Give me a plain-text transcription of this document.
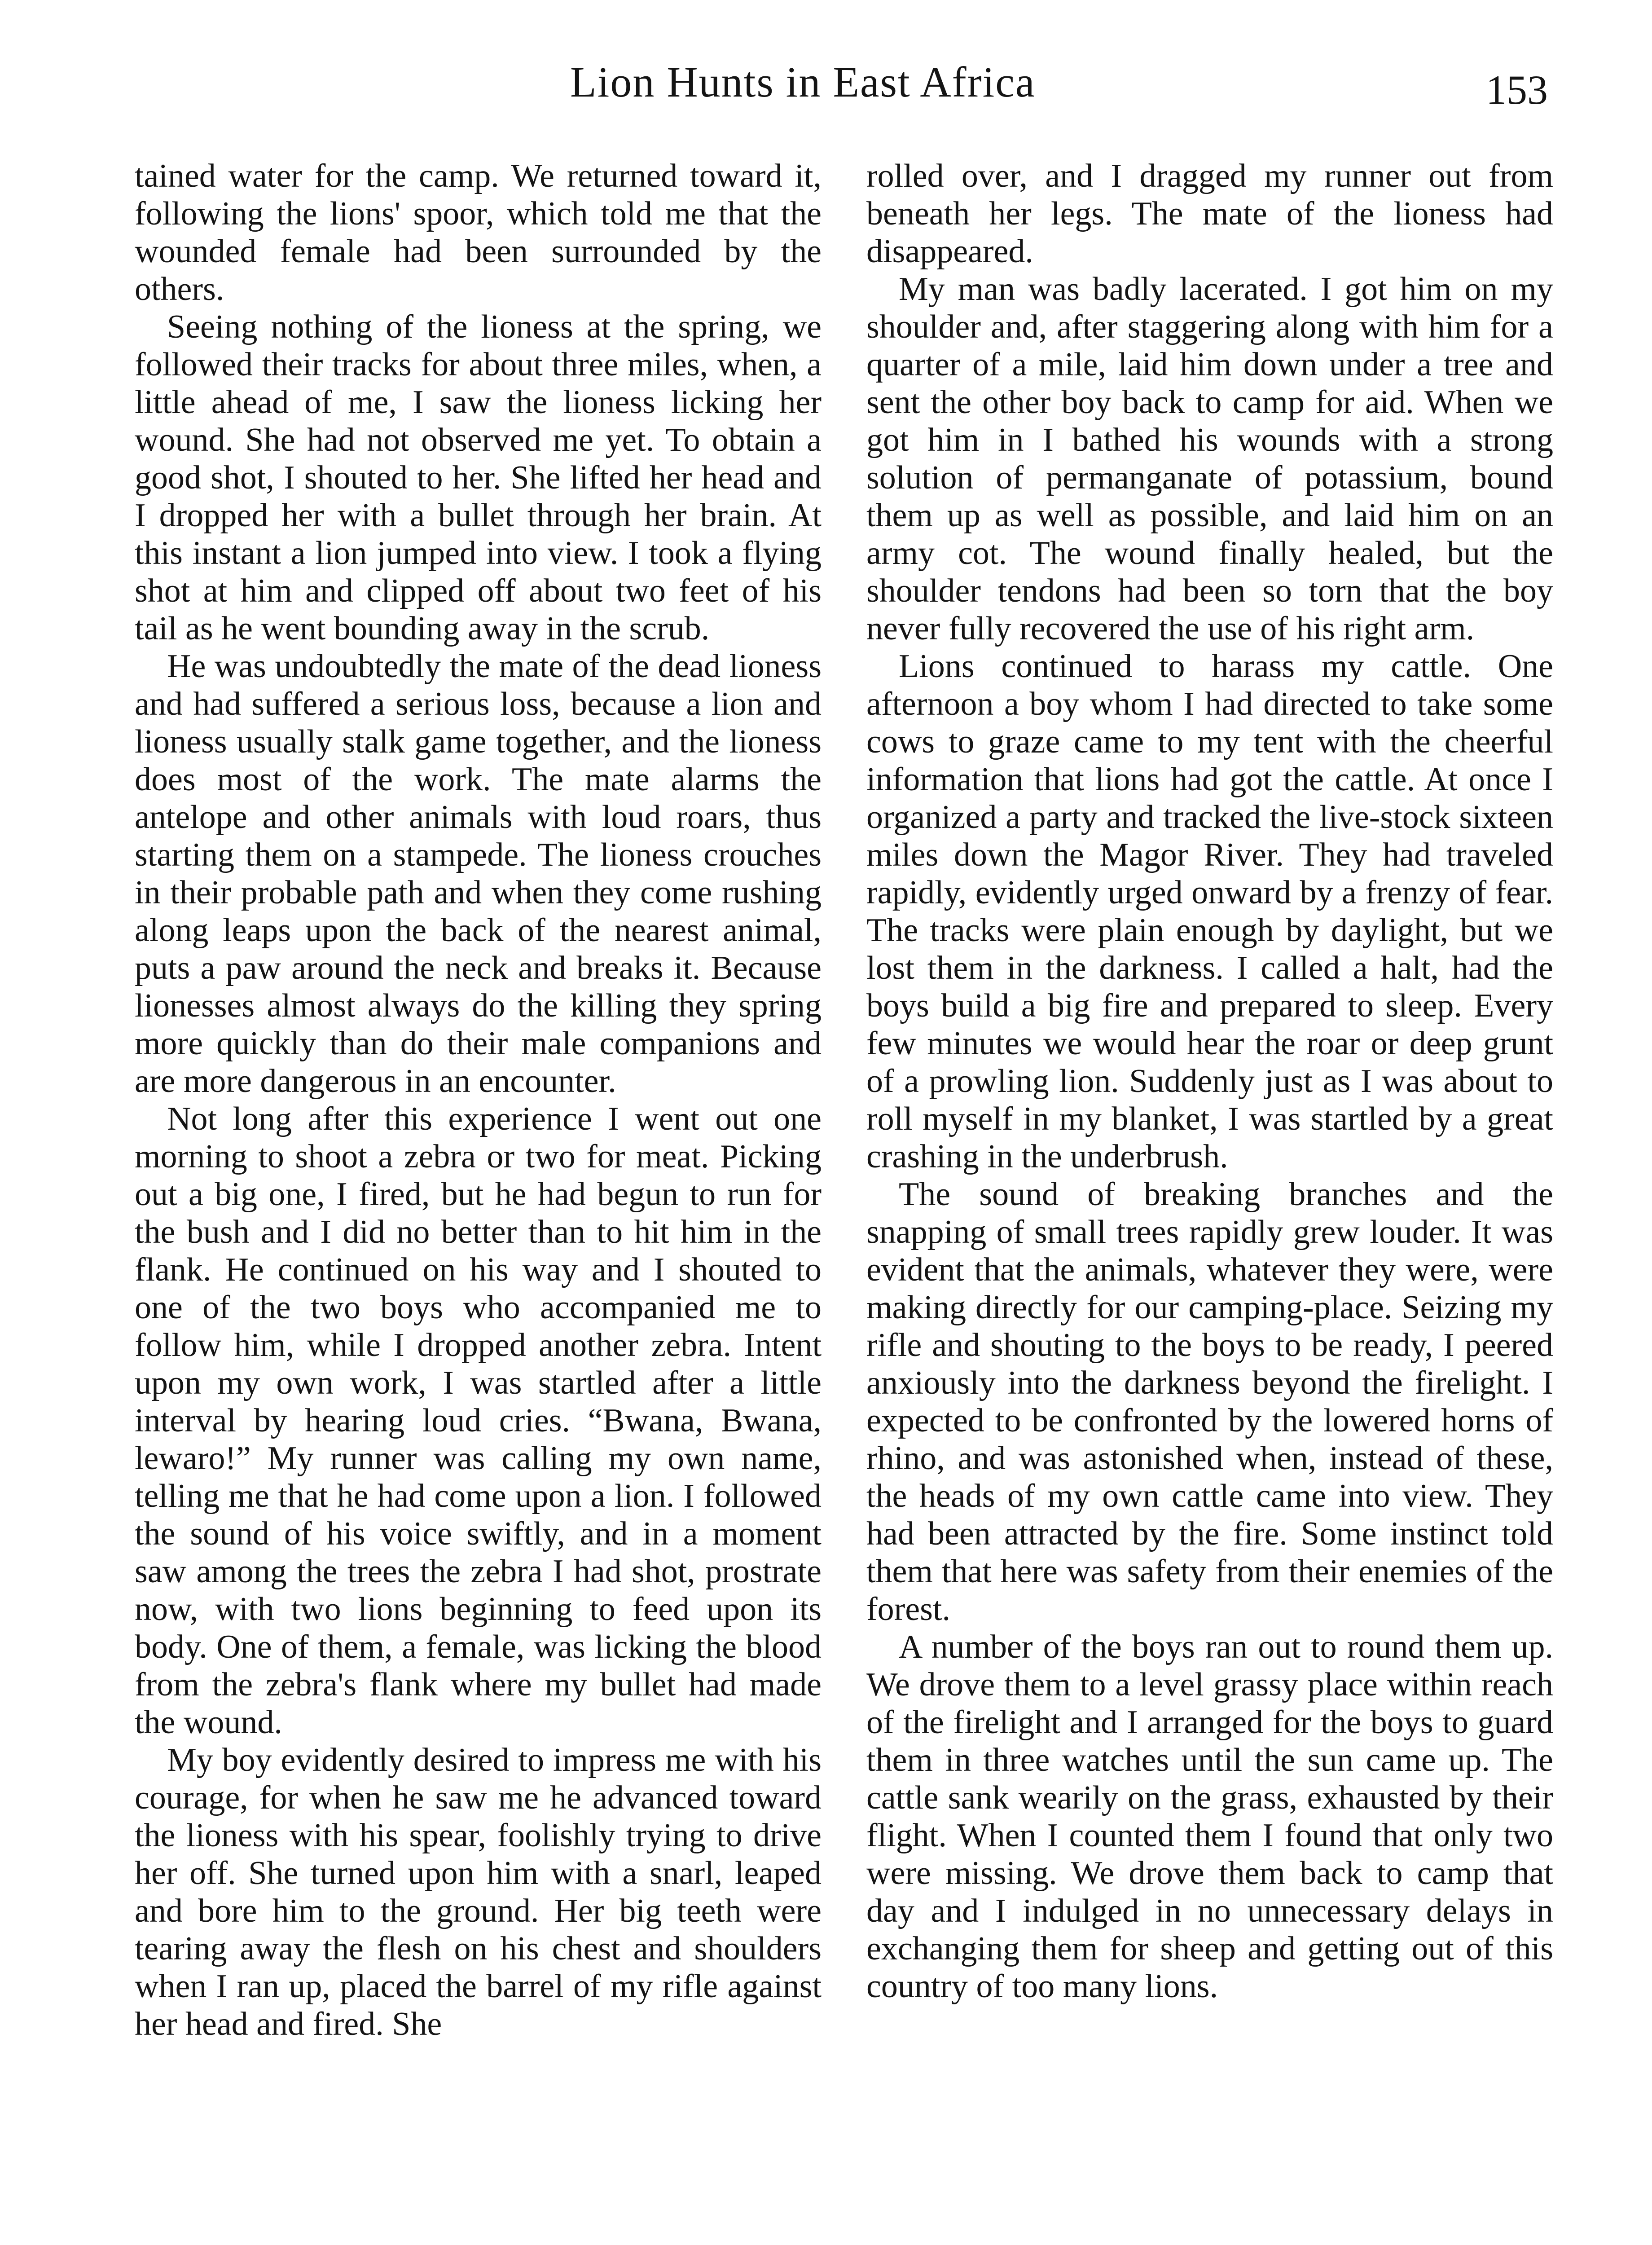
Lion Hunts in East Africa	153

tained water for the camp. We returned toward it, following the lions' spoor, which told me that the wounded female had been surrounded by the others.

Seeing nothing of the lioness at the spring, we followed their tracks for about three miles, when, a little ahead of me, I saw the lioness licking her wound. She had not observed me yet. To obtain a good shot, I shouted to her. She lifted her head and I dropped her with a bullet through her brain. At this instant a lion jumped into view. I took a flying shot at him and clipped off about two feet of his tail as he went bounding away in the scrub.

He was undoubtedly the mate of the dead lioness and had suffered a serious loss, because a lion and lioness usually stalk game together, and the lioness does most of the work. The mate alarms the antelope and other animals with loud roars, thus starting them on a stampede. The lioness crouches in their probable path and when they come rushing along leaps upon the back of the nearest animal, puts a paw around the neck and breaks it. Because lionesses almost always do the killing they spring more quickly than do their male companions and are more dangerous in an encounter.

Not long after this experience I went out one morning to shoot a zebra or two for meat. Picking out a big one, I fired, but he had begun to run for the bush and I did no better than to hit him in the flank. He continued on his way and I shouted to one of the two boys who accompanied me to follow him, while I dropped another zebra. Intent upon my own work, I was startled after a little interval by hearing loud cries. “Bwana, Bwana, lewaro!” My runner was calling my own name, telling me that he had come upon a lion. I followed the sound of his voice swiftly, and in a moment saw among the trees the zebra I had shot, prostrate now, with two lions beginning to feed upon its body. One of them, a female, was licking the blood from the zebra's flank where my bullet had made the wound.

My boy evidently desired to impress me with his courage, for when he saw me he advanced toward the lioness with his spear, foolishly trying to drive her off. She turned upon him with a snarl, leaped and bore him to the ground. Her big teeth were tearing away the flesh on his chest and shoulders when I ran up, placed the barrel of my rifle against her head and fired. She

rolled over, and I dragged my runner out from beneath her legs. The mate of the lioness had disappeared.

My man was badly lacerated. I got him on my shoulder and, after staggering along with him for a quarter of a mile, laid him down under a tree and sent the other boy back to camp for aid. When we got him in I bathed his wounds with a strong solution of permanganate of potassium, bound them up as well as possible, and laid him on an army cot. The wound finally healed, but the shoulder tendons had been so torn that the boy never fully recovered the use of his right arm.

Lions continued to harass my cattle. One afternoon a boy whom I had directed to take some cows to graze came to my tent with the cheerful information that lions had got the cattle. At once I organized a party and tracked the live-stock sixteen miles down the Magor River. They had traveled rapidly, evidently urged onward by a frenzy of fear. The tracks were plain enough by daylight, but we lost them in the darkness. I called a halt, had the boys build a big fire and prepared to sleep. Every few minutes we would hear the roar or deep grunt of a prowling lion. Suddenly just as I was about to roll myself in my blanket, I was startled by a great crashing in the underbrush.

The sound of breaking branches and the snapping of small trees rapidly grew louder. It was evident that the animals, whatever they were, were making directly for our camping-place. Seizing my rifle and shouting to the boys to be ready, I peered anxiously into the darkness beyond the firelight. I expected to be confronted by the lowered horns of rhino, and was astonished when, instead of these, the heads of my own cattle came into view. They had been attracted by the fire. Some instinct told them that here was safety from their enemies of the forest.

A number of the boys ran out to round them up. We drove them to a level grassy place within reach of the firelight and I arranged for the boys to guard them in three watches until the sun came up. The cattle sank wearily on the grass, exhausted by their flight. When I counted them I found that only two were missing. We drove them back to camp that day and I indulged in no unnecessary delays in exchanging them for sheep and getting out of this country of too many lions.
